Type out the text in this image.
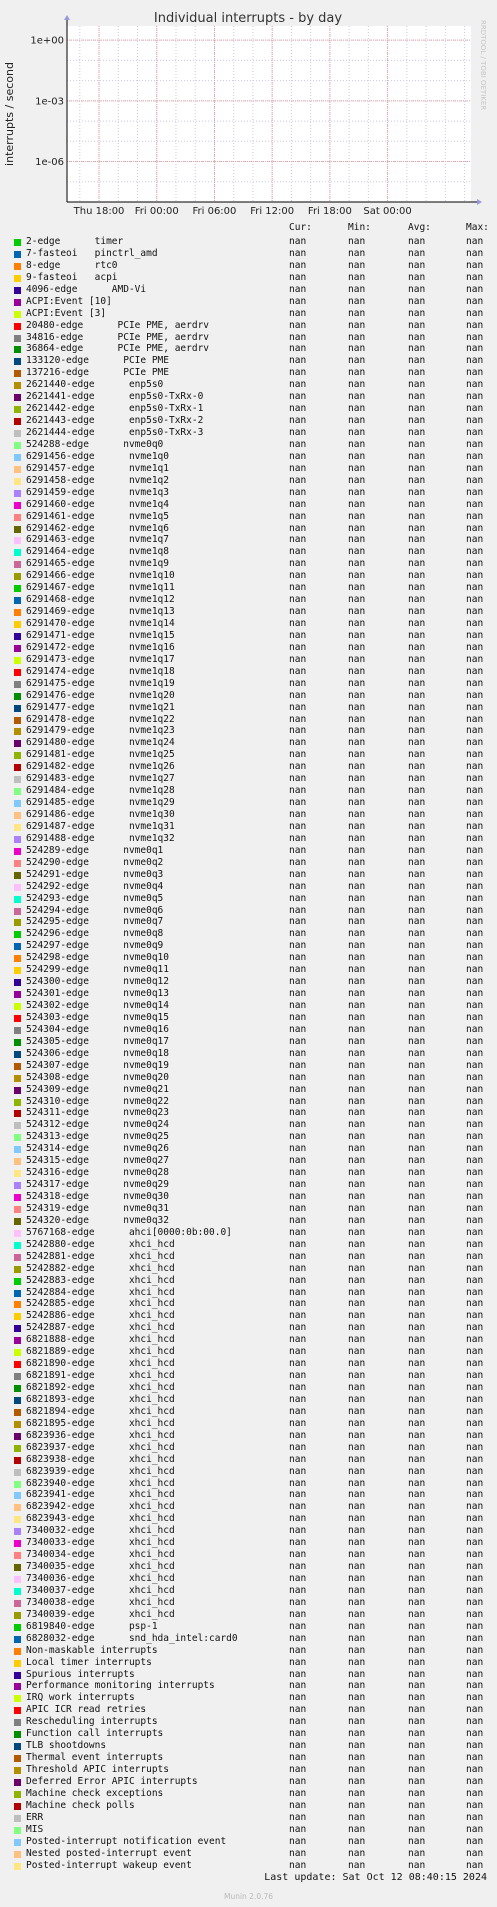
1e+00
1e-03
1e-06
Thu 18:00 Fri 00:00 Fri 06:00 Fri 12:00 Fri 18:00 Sat 00:00
Individual interrupts - by day
interrupts / second	RRDTOOL / TOBI OETIKER
Cur:	Min:	Avg:	Max:
2-edge      timer	nan	nan	nan	nan
7-fasteoi   pinctrl_amd	nan	nan	nan	nan
8-edge      rtc0	nan	nan	nan	nan
9-fasteoi   acpi	nan	nan	nan	nan
4096-edge      AMD-Vi	nan	nan	nan	nan
ACPI:Event [10]	nan	nan	nan	nan
ACPI:Event [3]	nan	nan	nan	nan
20480-edge      PCIe PME, aerdrv	nan	nan	nan	nan
34816-edge      PCIe PME, aerdrv	nan	nan	nan	nan
36864-edge      PCIe PME, aerdrv	nan	nan	nan	nan
133120-edge      PCIe PME	nan	nan	nan	nan
137216-edge      PCIe PME	nan	nan	nan	nan
2621440-edge      enp5s0	nan	nan	nan	nan
2621441-edge      enp5s0-TxRx-0	nan	nan	nan	nan
2621442-edge      enp5s0-TxRx-1	nan	nan	nan	nan
2621443-edge      enp5s0-TxRx-2	nan	nan	nan	nan
2621444-edge      enp5s0-TxRx-3	nan	nan	nan	nan
524288-edge      nvme0q0	nan	nan	nan	nan
6291456-edge      nvme1q0	nan	nan	nan	nan
6291457-edge      nvme1q1	nan	nan	nan	nan
6291458-edge      nvme1q2	nan	nan	nan	nan
6291459-edge      nvme1q3	nan	nan	nan	nan
6291460-edge      nvme1q4	nan	nan	nan	nan
6291461-edge      nvme1q5	nan	nan	nan	nan
6291462-edge      nvme1q6	nan	nan	nan	nan
6291463-edge      nvme1q7	nan	nan	nan	nan
6291464-edge      nvme1q8	nan	nan	nan	nan
6291465-edge      nvme1q9	nan	nan	nan	nan
6291466-edge      nvme1q10	nan	nan	nan	nan
6291467-edge      nvme1q11	nan	nan	nan	nan
6291468-edge      nvme1q12	nan	nan	nan	nan
6291469-edge      nvme1q13	nan	nan	nan	nan
6291470-edge      nvme1q14	nan	nan	nan	nan
6291471-edge      nvme1q15	nan	nan	nan	nan
6291472-edge      nvme1q16	nan	nan	nan	nan
6291473-edge      nvme1q17	nan	nan	nan	nan
6291474-edge      nvme1q18	nan	nan	nan	nan
6291475-edge      nvme1q19	nan	nan	nan	nan
6291476-edge      nvme1q20	nan	nan	nan	nan
6291477-edge      nvme1q21	nan	nan	nan	nan
6291478-edge      nvme1q22	nan	nan	nan	nan
6291479-edge      nvme1q23	nan	nan	nan	nan
6291480-edge      nvme1q24	nan	nan	nan	nan
6291481-edge      nvme1q25	nan	nan	nan	nan
6291482-edge      nvme1q26	nan	nan	nan	nan
6291483-edge      nvme1q27	nan	nan	nan	nan
6291484-edge      nvme1q28	nan	nan	nan	nan
6291485-edge      nvme1q29	nan	nan	nan	nan
6291486-edge      nvme1q30	nan	nan	nan	nan
6291487-edge      nvme1q31	nan	nan	nan	nan
6291488-edge      nvme1q32	nan	nan	nan	nan
524289-edge      nvme0q1	nan	nan	nan	nan
524290-edge      nvme0q2	nan	nan	nan	nan
524291-edge      nvme0q3	nan	nan	nan	nan
524292-edge      nvme0q4	nan	nan	nan	nan
524293-edge      nvme0q5	nan	nan	nan	nan
524294-edge      nvme0q6	nan	nan	nan	nan
524295-edge      nvme0q7	nan	nan	nan	nan
524296-edge      nvme0q8	nan	nan	nan	nan
524297-edge      nvme0q9	nan	nan	nan	nan
524298-edge      nvme0q10	nan	nan	nan	nan
524299-edge      nvme0q11	nan	nan	nan	nan
524300-edge      nvme0q12	nan	nan	nan	nan
524301-edge      nvme0q13	nan	nan	nan	nan
524302-edge      nvme0q14	nan	nan	nan	nan
524303-edge      nvme0q15	nan	nan	nan	nan
524304-edge      nvme0q16	nan	nan	nan	nan
524305-edge      nvme0q17	nan	nan	nan	nan
524306-edge      nvme0q18	nan	nan	nan	nan
524307-edge      nvme0q19	nan	nan	nan	nan
524308-edge      nvme0q20	nan	nan	nan	nan
524309-edge      nvme0q21	nan	nan	nan	nan
524310-edge      nvme0q22	nan	nan	nan	nan
524311-edge      nvme0q23	nan	nan	nan	nan
524312-edge      nvme0q24	nan	nan	nan	nan
524313-edge      nvme0q25	nan	nan	nan	nan
524314-edge      nvme0q26	nan	nan	nan	nan
524315-edge      nvme0q27	nan	nan	nan	nan
524316-edge      nvme0q28	nan	nan	nan	nan
524317-edge      nvme0q29	nan	nan	nan	nan
524318-edge      nvme0q30	nan	nan	nan	nan
524319-edge      nvme0q31	nan	nan	nan	nan
524320-edge      nvme0q32	nan	nan	nan	nan
5767168-edge      ahci[0000:0b:00.0]	nan	nan	nan	nan
5242880-edge      xhci_hcd	nan	nan	nan	nan
5242881-edge      xhci_hcd	nan	nan	nan	nan
5242882-edge      xhci_hcd	nan	nan	nan	nan
5242883-edge      xhci_hcd	nan	nan	nan	nan
5242884-edge      xhci_hcd	nan	nan	nan	nan
5242885-edge      xhci_hcd	nan	nan	nan	nan
5242886-edge      xhci_hcd	nan	nan	nan	nan
5242887-edge      xhci_hcd	nan	nan	nan	nan
6821888-edge      xhci_hcd	nan	nan	nan	nan
6821889-edge      xhci_hcd	nan	nan	nan	nan
6821890-edge      xhci_hcd	nan	nan	nan	nan
6821891-edge      xhci_hcd	nan	nan	nan	nan
6821892-edge      xhci_hcd	nan	nan	nan	nan
6821893-edge      xhci_hcd	nan	nan	nan	nan
6821894-edge      xhci_hcd	nan	nan	nan	nan
6821895-edge      xhci_hcd	nan	nan	nan	nan
6823936-edge      xhci_hcd	nan	nan	nan	nan
6823937-edge      xhci_hcd	nan	nan	nan	nan
6823938-edge      xhci_hcd	nan	nan	nan	nan
6823939-edge      xhci_hcd	nan	nan	nan	nan
6823940-edge      xhci_hcd	nan	nan	nan	nan
6823941-edge      xhci_hcd	nan	nan	nan	nan
6823942-edge      xhci_hcd	nan	nan	nan	nan
6823943-edge      xhci_hcd	nan	nan	nan	nan
7340032-edge      xhci_hcd	nan	nan	nan	nan
7340033-edge      xhci_hcd	nan	nan	nan	nan
7340034-edge      xhci_hcd	nan	nan	nan	nan
7340035-edge      xhci_hcd	nan	nan	nan	nan
7340036-edge      xhci_hcd	nan	nan	nan	nan
7340037-edge      xhci_hcd	nan	nan	nan	nan
7340038-edge      xhci_hcd	nan	nan	nan	nan
7340039-edge      xhci_hcd	nan	nan	nan	nan
6819840-edge      psp-1	nan	nan	nan	nan
6828032-edge      snd_hda_intel:card0	nan	nan	nan	nan
Non-maskable interrupts	nan	nan	nan	nan
Local timer interrupts	nan	nan	nan	nan
Spurious interrupts	nan	nan	nan	nan
Performance monitoring interrupts	nan	nan	nan	nan
IRQ work interrupts	nan	nan	nan	nan
APIC ICR read retries	nan	nan	nan	nan
Rescheduling interrupts	nan	nan	nan	nan
Function call interrupts	nan	nan	nan	nan
TLB shootdowns	nan	nan	nan	nan
Thermal event interrupts	nan	nan	nan	nan
Threshold APIC interrupts	nan	nan	nan	nan
Deferred Error APIC interrupts	nan	nan	nan	nan
Machine check exceptions	nan	nan	nan	nan
Machine check polls	nan	nan	nan	nan
ERR	nan	nan	nan	nan
MIS	nan	nan	nan	nan
Posted-interrupt notification event	nan	nan	nan	nan
Nested posted-interrupt event	nan	nan	nan	nan
Posted-interrupt wakeup event	nan	nan	nan	nan
Last update: Sat Oct 12 08:40:15 2024
Munin 2.0.76
